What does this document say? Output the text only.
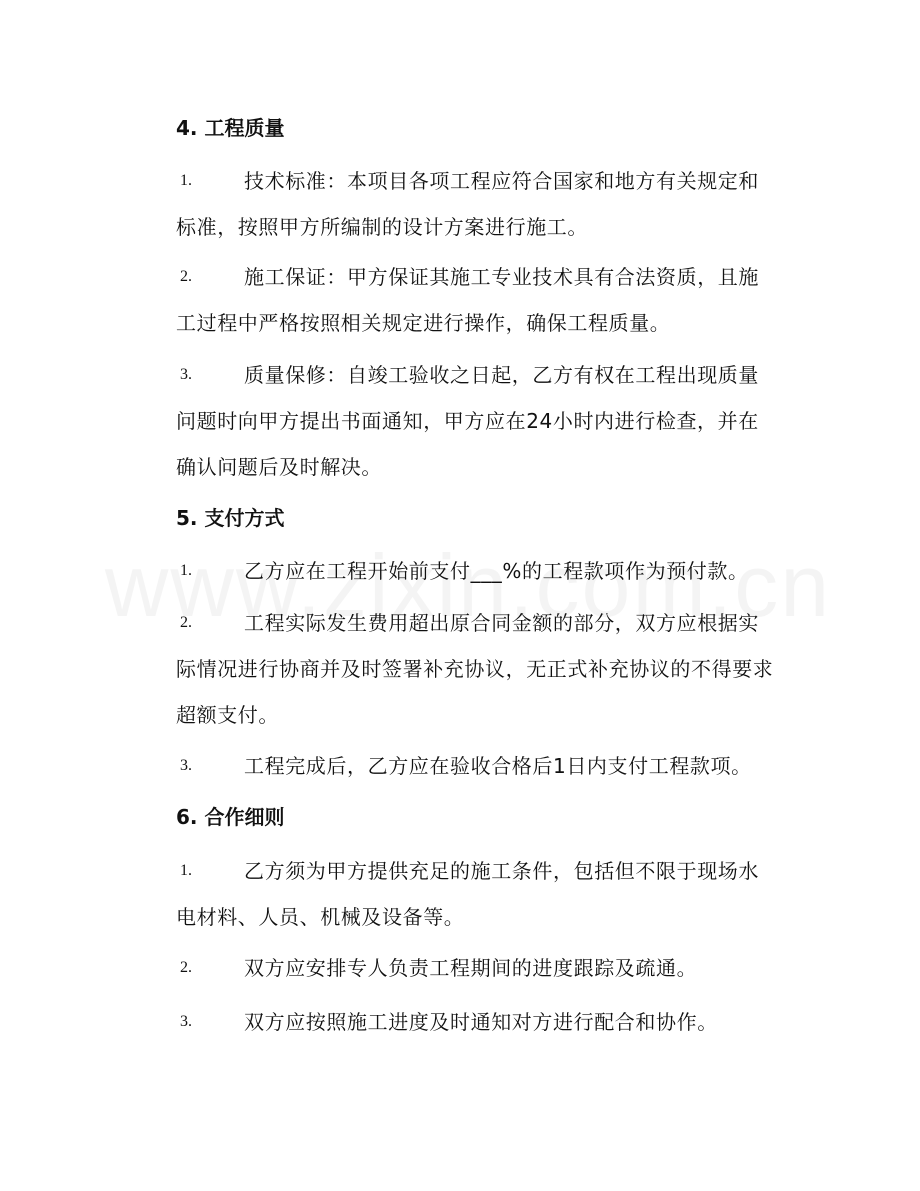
4. 工程质量
1.	技术标准：本项目各项工程应符合国家和地方有关规定和标准，按照甲方所编制的设计方案进行施工。

2.	施工保证：甲方保证其施工专业技术具有合法资质，且施工过程中严格按照相关规定进行操作，确保工程质量。

3.	质量保修：自竣工验收之日起，乙方有权在工程出现质量问题时向甲方提出书面通知，甲方应在24小时内进行检查，并在确认问题后及时解决。

5. 支付方式
1.	乙方应在工程开始前支付___%的工程款项作为预付款。

2.	工程实际发生费用超出原合同金额的部分，双方应根据实际情况进行协商并及时签署补充协议，无正式补充协议的不得要求超额支付。

3.	工程完成后，乙方应在验收合格后1日内支付工程款项。

6. 合作细则
1.	乙方须为甲方提供充足的施工条件，包括但不限于现场水电材料、人员、机械及设备等。

2.	双方应安排专人负责工程期间的进度跟踪及疏通。

3.	双方应按照施工进度及时通知对方进行配合和协作。
